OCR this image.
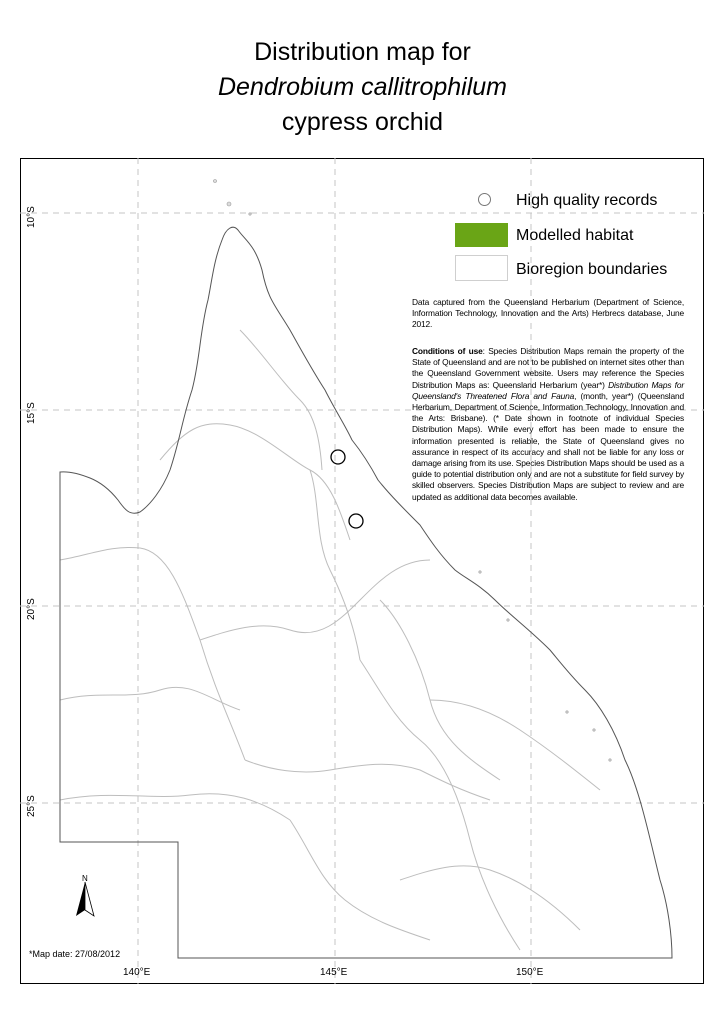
Distribution map for
Dendrobium callitrophilum
cypress orchid
High quality records
Modelled habitat
Bioregion boundaries
Data captured from the Queensland Herbarium (Department of Science, Information Technology, Innovation and the Arts) Herbrecs database, June 2012.
Conditions of use: Species Distribution Maps remain the property of the State of Queensland and are not to be published on internet sites other than the Queensland Government website. Users may reference the Species Distribution Maps as: Queensland Herbarium (year*) Distribution Maps for Queensland's Threatened Flora and Fauna, (month, year*) (Queensland Herbarium, Department of Science, Information Technology, Innovation and the Arts: Brisbane). (* Date shown in footnote of individual Species Distribution Maps). While every effort has been made to ensure the information presented is reliable, the State of Queensland gives no assurance in respect of its accuracy and shall not be liable for any loss or damage arising from its use. Species Distribution Maps should be used as a guide to potential distribution only and are not a substitute for field survey by skilled observers. Species Distribution Maps are subject to review and are updated as additional data becomes available.
10°S
15°S
20°S
25°S
140°E	145°E	150°E
N
*Map date: 27/08/2012
